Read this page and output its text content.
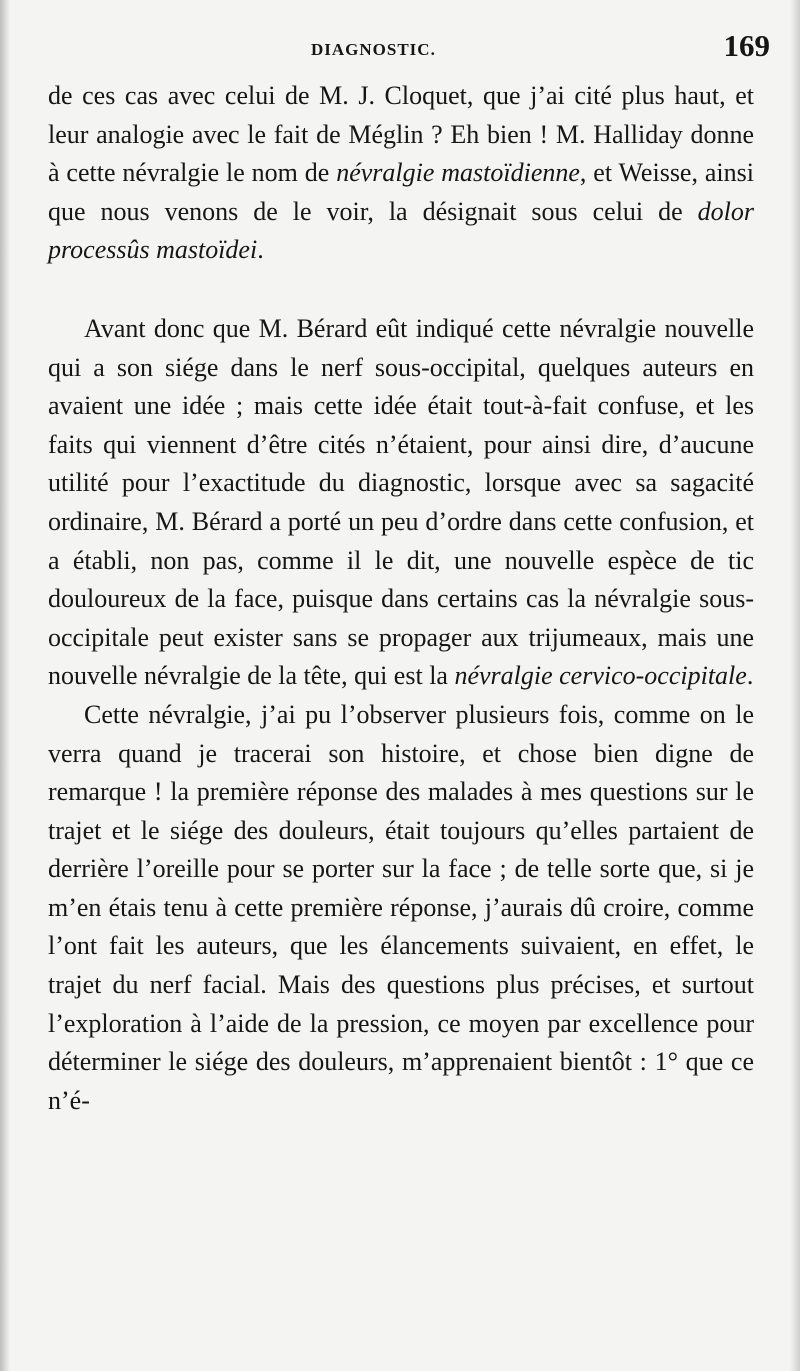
DIAGNOSTIC.	169

de ces cas avec celui de M. J. Cloquet, que j’ai cité plus haut, et leur analogie avec le fait de Méglin ? Eh bien ! M. Halliday donne à cette névralgie le nom de névralgie mastoïdienne, et Weisse, ainsi que nous venons de le voir, la désignait sous celui de dolor processûs mastoïdei.

Avant donc que M. Bérard eût indiqué cette névralgie nouvelle qui a son siége dans le nerf sous-occipital, quelques auteurs en avaient une idée ; mais cette idée était tout-à-fait confuse, et les faits qui viennent d’être cités n’étaient, pour ainsi dire, d’aucune utilité pour l’exactitude du diagnostic, lorsque avec sa sagacité ordinaire, M. Bérard a porté un peu d’ordre dans cette confusion, et a établi, non pas, comme il le dit, une nouvelle espèce de tic douloureux de la face, puisque dans certains cas la névralgie sous-occipitale peut exister sans se propager aux trijumeaux, mais une nouvelle névralgie de la tête, qui est la névralgie cervico-occipitale.

Cette névralgie, j’ai pu l’observer plusieurs fois, comme on le verra quand je tracerai son histoire, et chose bien digne de remarque ! la première réponse des malades à mes questions sur le trajet et le siége des douleurs, était toujours qu’elles partaient de derrière l’oreille pour se porter sur la face ; de telle sorte que, si je m’en étais tenu à cette première réponse, j’aurais dû croire, comme l’ont fait les auteurs, que les élancements suivaient, en effet, le trajet du nerf facial. Mais des questions plus précises, et surtout l’exploration à l’aide de la pression, ce moyen par excellence pour déterminer le siége des douleurs, m’apprenaient bientôt : 1° que ce n’é-
